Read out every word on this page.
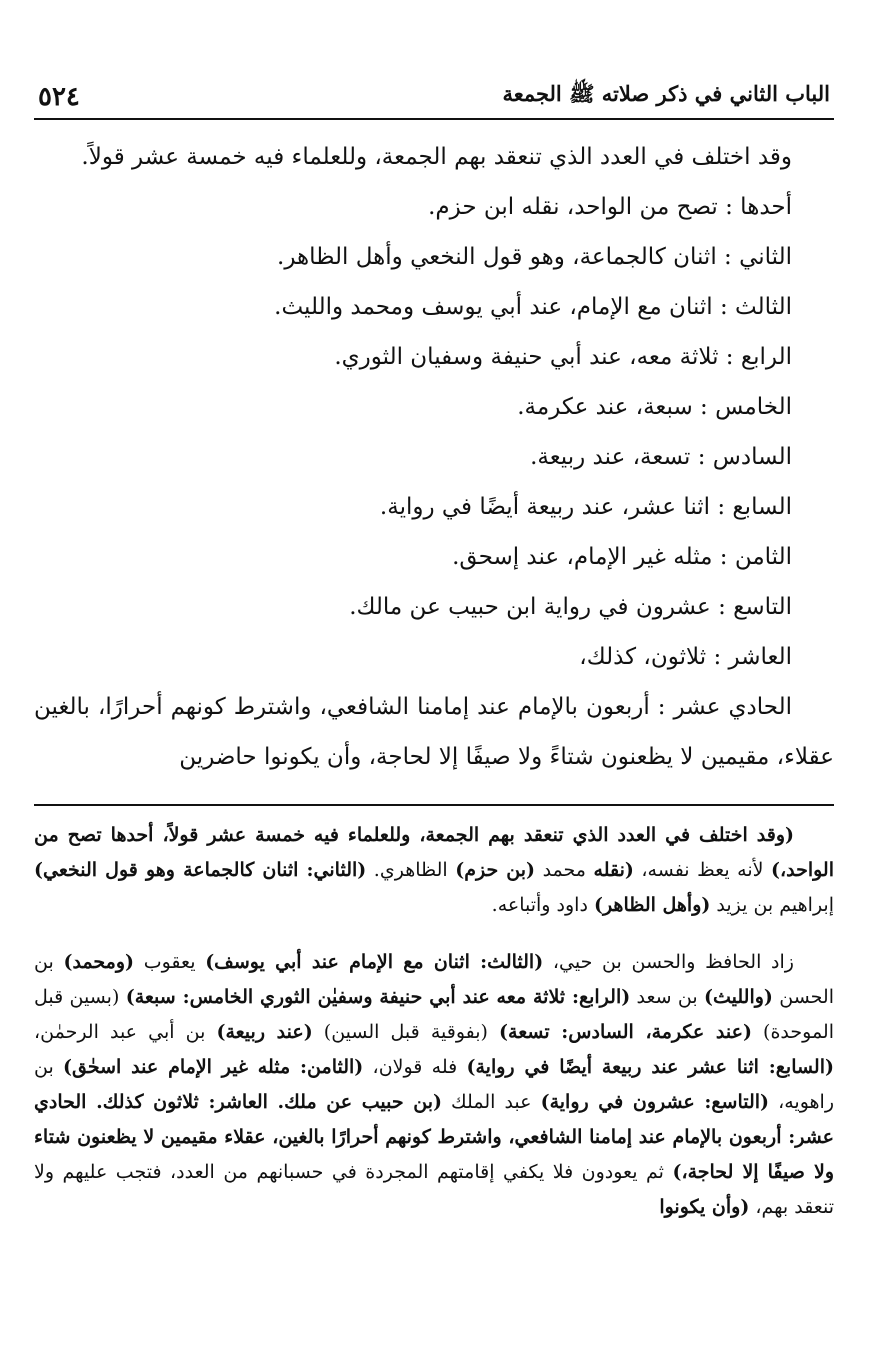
الباب الثاني في ذكر صلاته ﷺ الجمعة
٥٢٤

وقد اختلف في العدد الذي تنعقد بهم الجمعة، وللعلماء فيه خمسة عشر قولاً.

أحدها : تصح من الواحد، نقله ابن حزم.
الثاني : اثنان كالجماعة، وهو قول النخعي وأهل الظاهر.
الثالث : اثنان مع الإمام، عند أبي يوسف ومحمد والليث.
الرابع : ثلاثة معه، عند أبي حنيفة وسفيان الثوري.
الخامس : سبعة، عند عكرمة.
السادس : تسعة، عند ربيعة.
السابع : اثنا عشر، عند ربيعة أيضًا في رواية.
الثامن : مثله غير الإمام، عند إسحق.
التاسع : عشرون في رواية ابن حبيب عن مالك.
العاشر : ثلاثون، كذلك،
الحادي عشر : أربعون بالإمام عند إمامنا الشافعي، واشترط كونهم أحرارًا، بالغين عقلاء، مقيمين لا يظعنون شتاءً ولا صيفًا إلا لحاجة، وأن يكونوا حاضرين

(وقد اختلف في العدد الذي تنعقد بهم الجمعة، وللعلماء فيه خمسة عشر قولاً، أحدها تصح من الواحد،) لأنه يعظ نفسه، (نقله محمد (بن حزم) الظاهري. (الثاني: اثنان كالجماعة وهو قول النخعي) إبراهيم بن يزيد (وأهل الظاهر) داود وأتباعه.

زاد الحافظ والحسن بن حيي، (الثالث: اثنان مع الإمام عند أبي يوسف) يعقوب (ومحمد) بن الحسن (والليث) بن سعد (الرابع: ثلاثة معه عند أبي حنيفة وسفيٰن الثوري الخامس: سبعة) (بسين قبل الموحدة) (عند عكرمة، السادس: تسعة) (بفوقية قبل السين) (عند ربيعة) بن أبي عبد الرحمٰن، (السابع: اثنا عشر عند ربيعة أيضًا في رواية) فله قولان، (الثامن: مثله غير الإمام عند اسحٰق) بن راهويه، (التاسع: عشرون في رواية) عبد الملك (بن حبيب عن ملك. العاشر: ثلاثون كذلك. الحادي عشر: أربعون بالإمام عند إمامنا الشافعي، واشترط كونهم أحرارًا بالغين، عقلاء مقيمين لا يظعنون شتاء ولا صيفًا إلا لحاجة،) ثم يعودون فلا يكفي إقامتهم المجردة في حسبانهم من العدد، فتجب عليهم ولا تنعقد بهم، (وأن يكونوا
